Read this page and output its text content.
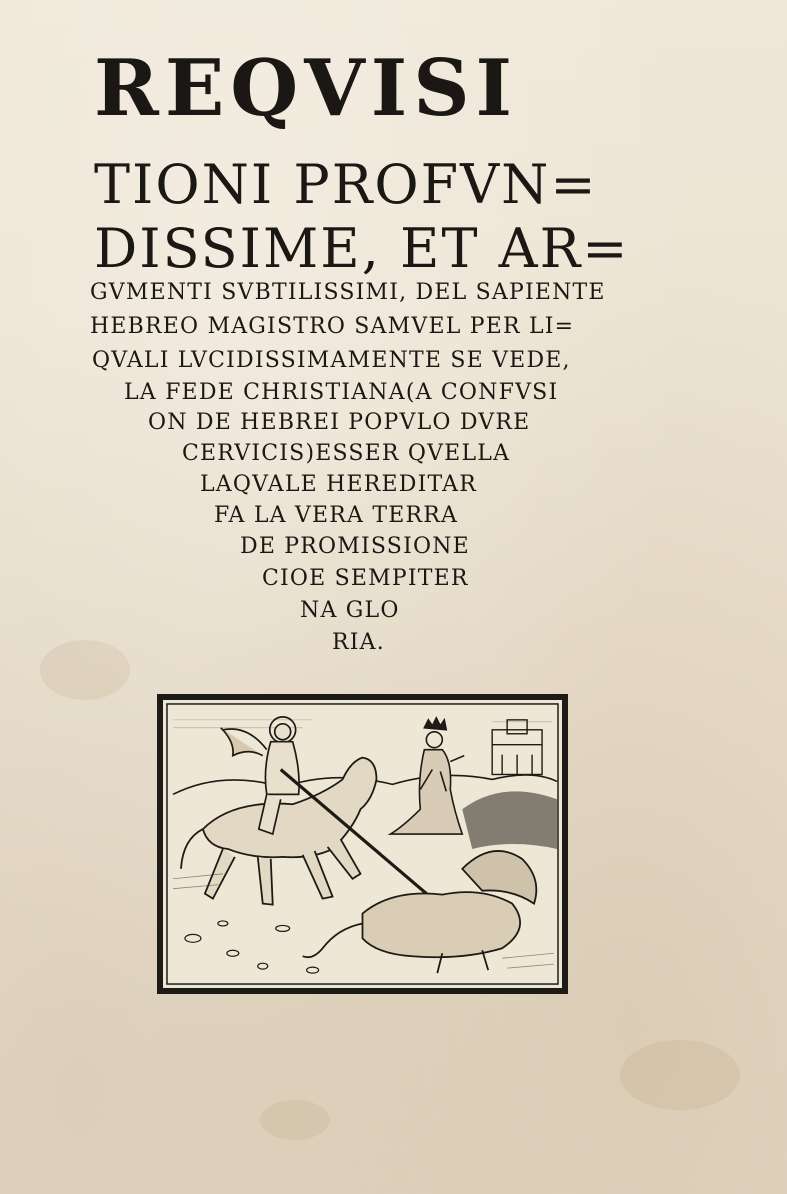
REQVISI
TIONI PROFVN=
DISSIME, ET AR=
GVMENTI SVBTILISSIMI, DEL SAPIENTE
HEBREO MAGISTRO SAMVEL PER LI=
QVALI LVCIDISSIMAMENTE SE VEDE,
LA FEDE CHRISTIANA(A CONFVSI
ON DE HEBREI POPVLO DVRE
CERVICIS)ESSER QVELLA
LAQVALE HEREDITAR
FA LA VERA TERRA
DE PROMISSIONE
CIOE SEMPITER
NA GLO
RIA.
